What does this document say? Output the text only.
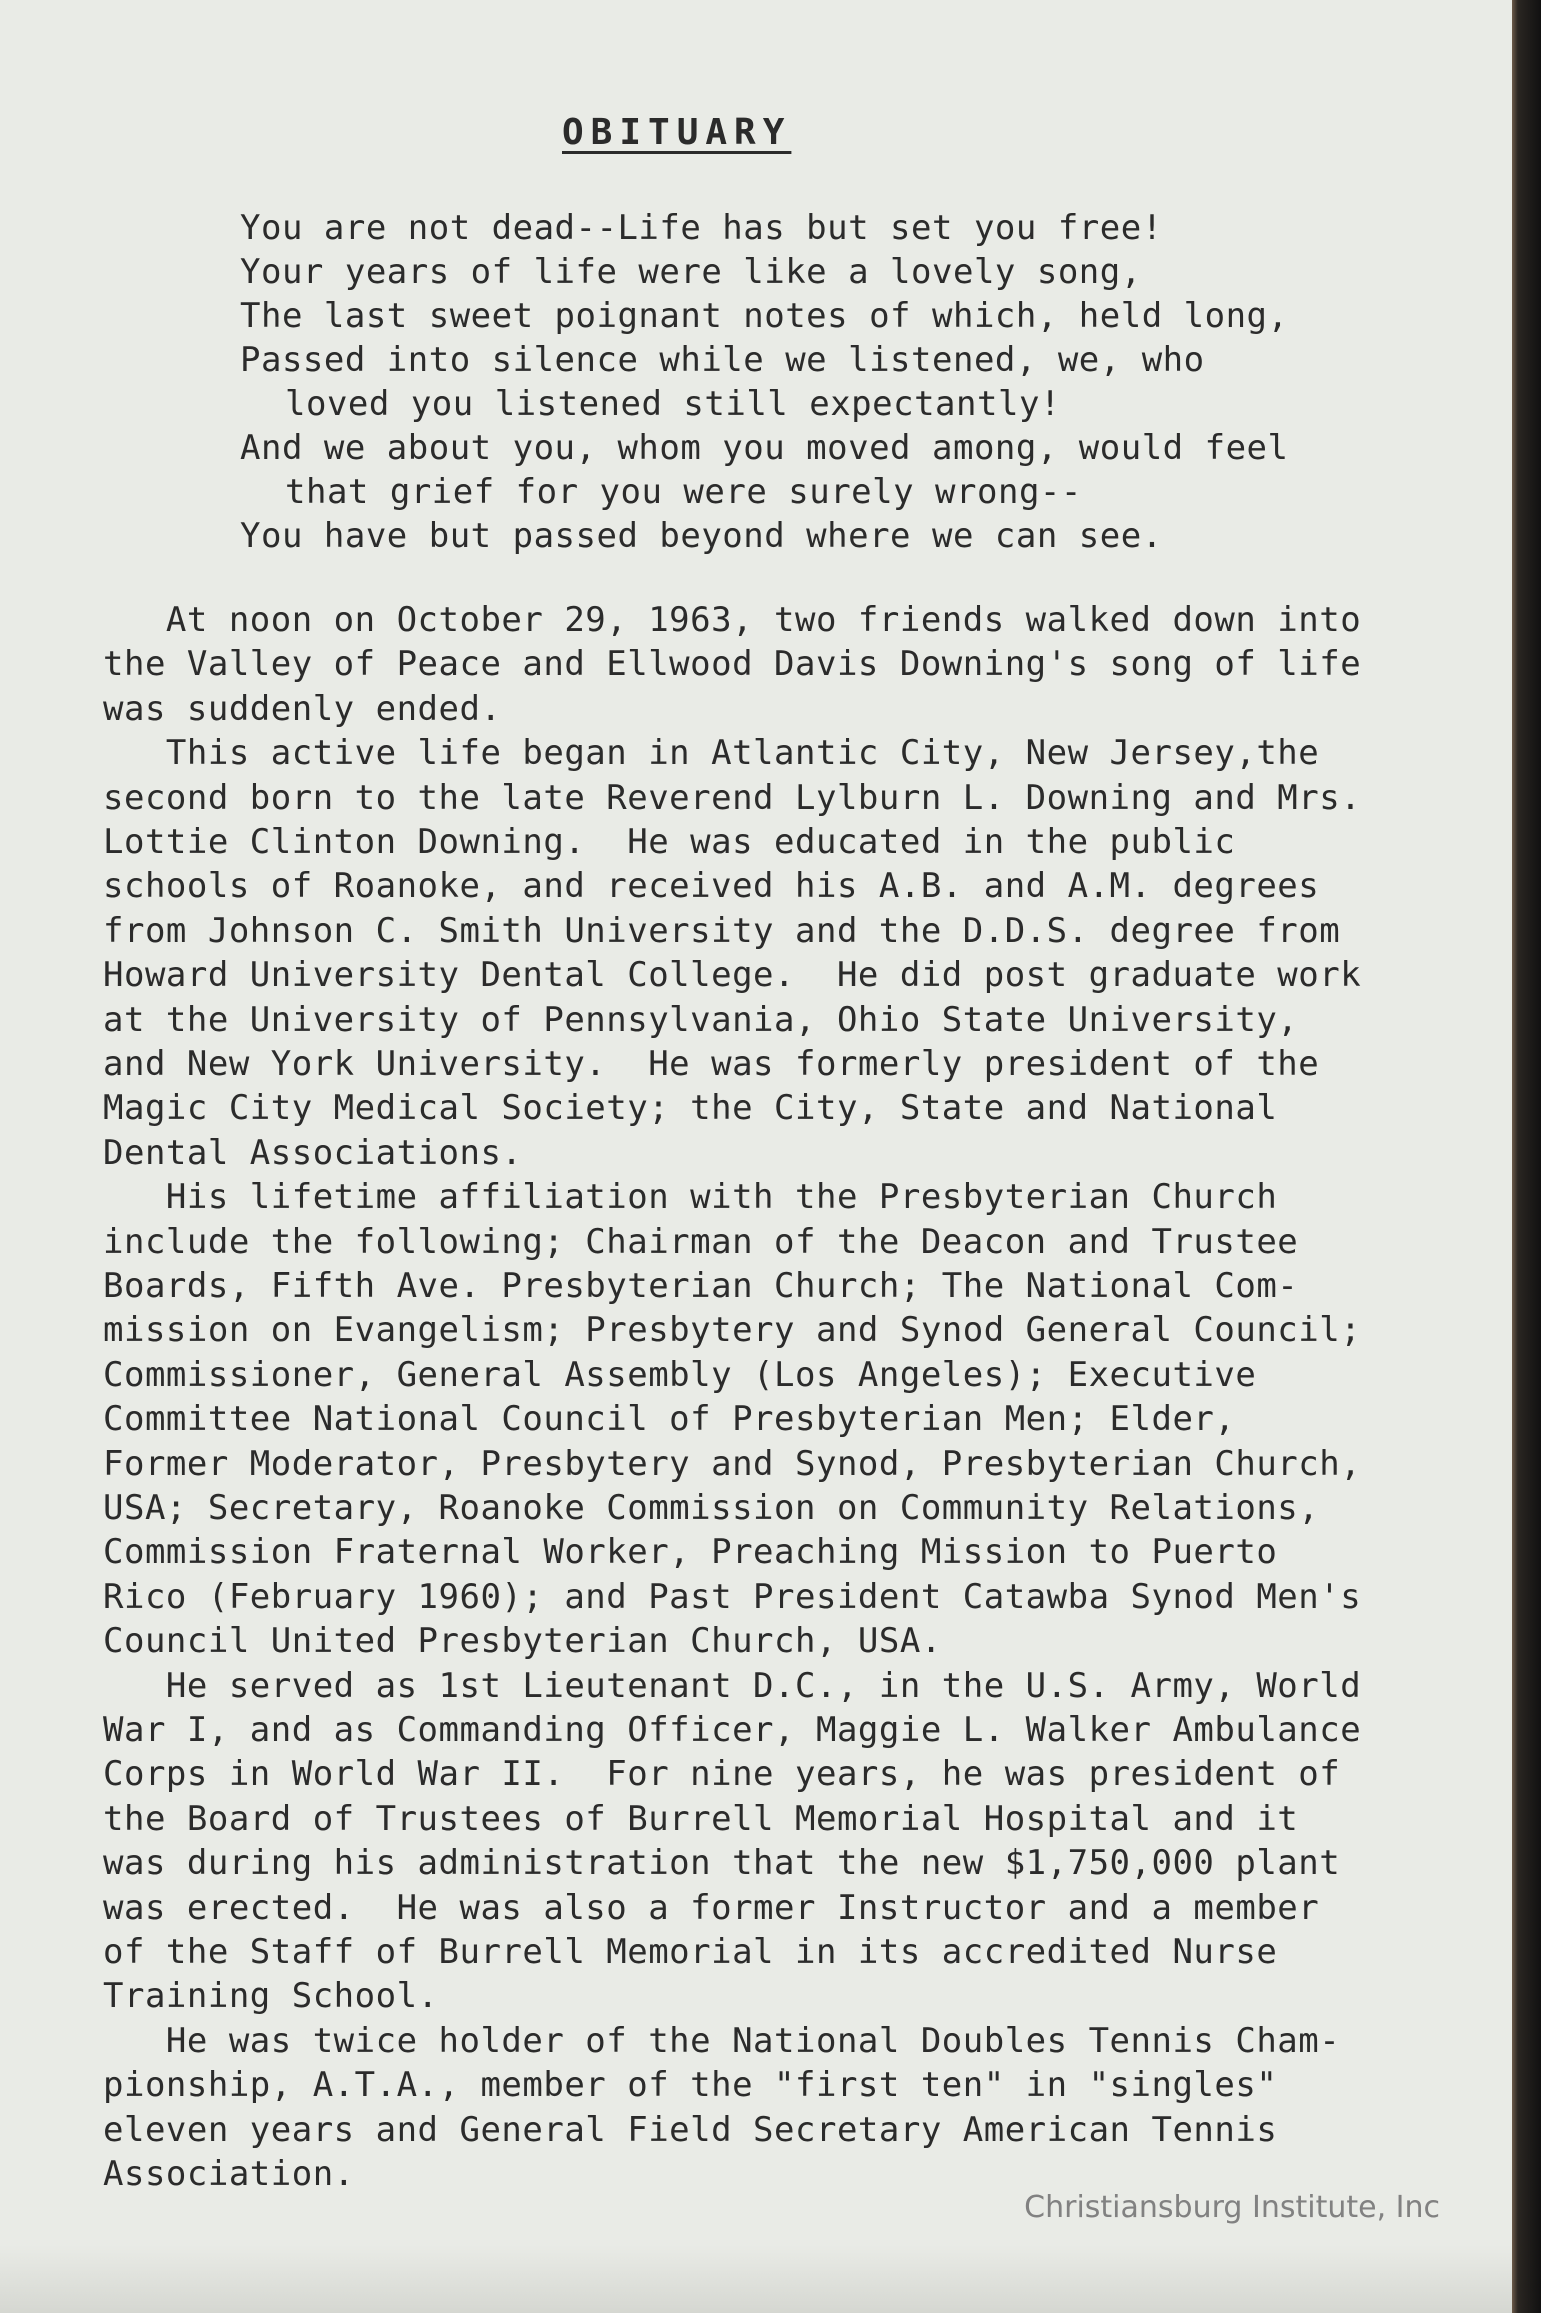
OBITUARY
You are not dead--Life has but set you free!
Your years of life were like a lovely song,
The last sweet poignant notes of which, held long,
Passed into silence while we listened, we, who
loved you listened still expectantly!
And we about you, whom you moved among, would feel
that grief for you were surely wrong--
You have but passed beyond where we can see.
At noon on October 29, 1963, two friends walked down into
the Valley of Peace and Ellwood Davis Downing's song of life
was suddenly ended.
This active life began in Atlantic City, New Jersey,the
second born to the late Reverend Lylburn L. Downing and Mrs.
Lottie Clinton Downing.  He was educated in the public
schools of Roanoke, and received his A.B. and A.M. degrees
from Johnson C. Smith University and the D.D.S. degree from
Howard University Dental College.  He did post graduate work
at the University of Pennsylvania, Ohio State University,
and New York University.  He was formerly president of the
Magic City Medical Society; the City, State and National
Dental Associations.
His lifetime affiliation with the Presbyterian Church
include the following; Chairman of the Deacon and Trustee
Boards, Fifth Ave. Presbyterian Church; The National Com-
mission on Evangelism; Presbytery and Synod General Council;
Commissioner, General Assembly (Los Angeles); Executive
Committee National Council of Presbyterian Men; Elder,
Former Moderator, Presbytery and Synod, Presbyterian Church,
USA; Secretary, Roanoke Commission on Community Relations,
Commission Fraternal Worker, Preaching Mission to Puerto
Rico (February 1960); and Past President Catawba Synod Men's
Council United Presbyterian Church, USA.
He served as 1st Lieutenant D.C., in the U.S. Army, World
War I, and as Commanding Officer, Maggie L. Walker Ambulance
Corps in World War II.  For nine years, he was president of
the Board of Trustees of Burrell Memorial Hospital and it
was during his administration that the new $1,750,000 plant
was erected.  He was also a former Instructor and a member
of the Staff of Burrell Memorial in its accredited Nurse
Training School.
He was twice holder of the National Doubles Tennis Cham-
pionship, A.T.A., member of the "first ten" in "singles"
eleven years and General Field Secretary American Tennis
Association.
Christiansburg Institute, Inc
